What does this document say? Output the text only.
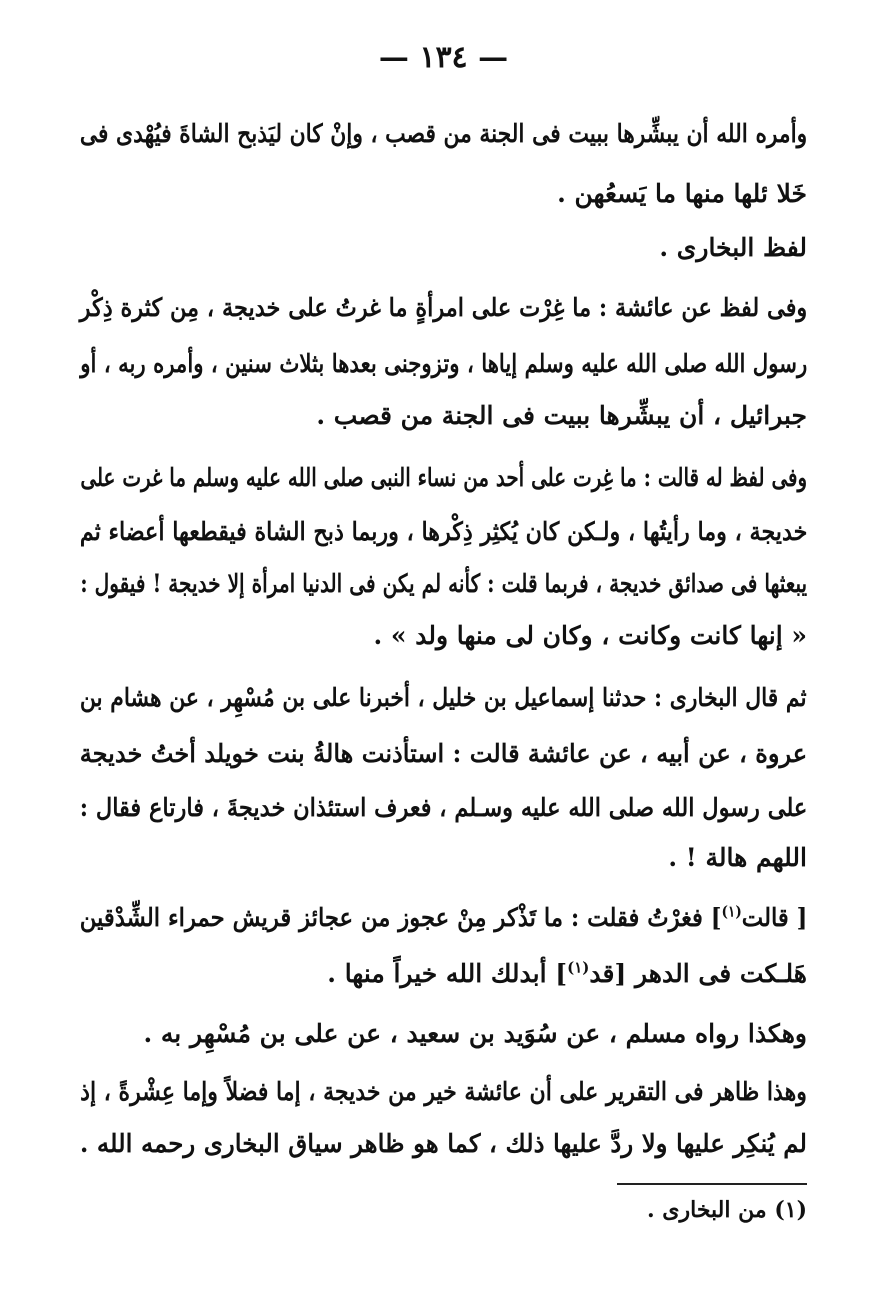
— ١٣٤ —
وأمره الله أن يبشِّرها ببيت فى الجنة من قصب ، وإنْ كان ليَذبح الشاةَ فيُهْدى فى
خَلا ئلها منها ما يَسعُهن .
لفظ البخارى .
وفى لفظ عن عائشة : ما غِرْت على امرأةٍ ما غرتُ على خديجة ، مِن كثرة ذِكْر
رسول الله صلى الله عليه وسلم إياها ، وتزوجنى بعدها بثلاث سنين ، وأمره ربه ، أو
جبرائيل ، أن يبشِّرها ببيت فى الجنة من قصب .
وفى لفظ له قالت : ما غِرت على أحد من نساء النبى صلى الله عليه وسلم ما غرت على
خديجة ، وما رأيتُها ، ولـكن كان يُكثِر ذِكْرها ، وربما ذبح الشاة فيقطعها أعضاء ثم
يبعثها فى صدائق خديجة ، فربما قلت : كأنه لم يكن فى الدنيا امرأة إلا خديجة ! فيقول :
« إنها كانت وكانت ، وكان لى منها ولد » .
ثم قال البخارى : حدثنا إسماعيل بن خليل ، أخبرنا على بن مُسْهِر ، عن هشام بن
عروة ، عن أبيه ، عن عائشة قالت : استأذنت هالةُ بنت خويلد أختُ خديجة
على رسول الله صلى الله عليه وسـلم ، فعرف استئذان خديجةَ ، فارتاع فقال :
اللهم هالة ! .
[ قالت$^{(١)}$] فغرْتُ فقلت : ما تَذْكر مِنْ عجوز من عجائز قريش حمراء الشِّدْقين
هَلـكت فى الدهر [قد$^{(١)}$] أبدلك الله خيراً منها .
وهكذا رواه مسلم ، عن سُوَيد بن سعيد ، عن على بن مُسْهِر به .
وهذا ظاهر فى التقرير على أن عائشة خير من خديجة ، إما فضلاً وإما عِشْرةً ، إذ
لم يُنكِر عليها ولا ردَّ عليها ذلك ، كما هو ظاهر سياق البخارى رحمه الله .
(١) من البخارى .
